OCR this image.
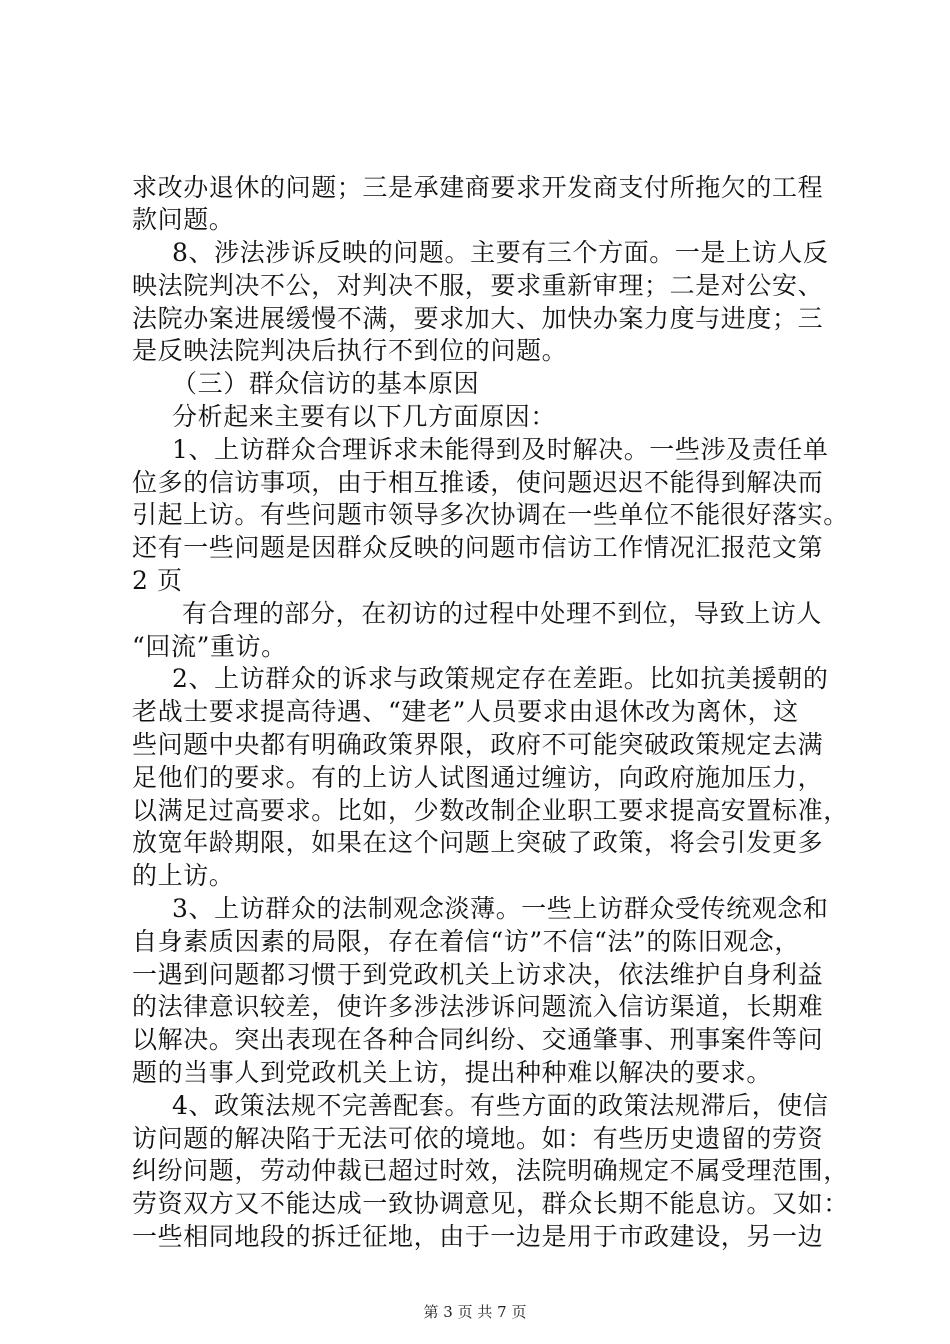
求改办退休的问题；三是承建商要求开发商支付所拖欠的工程
款问题。
8、涉法涉诉反映的问题。主要有三个方面。一是上访人反
映法院判决不公，对判决不服，要求重新审理；二是对公安、
法院办案进展缓慢不满，要求加大、加快办案力度与进度；三
是反映法院判决后执行不到位的问题。
（三）群众信访的基本原因
分析起来主要有以下几方面原因：
1、上访群众合理诉求未能得到及时解决。一些涉及责任单
位多的信访事项，由于相互推诿，使问题迟迟不能得到解决而
引起上访。有些问题市领导多次协调在一些单位不能很好落实。
还有一些问题是因群众反映的问题市信访工作情况汇报范文第
2 页
有合理的部分，在初访的过程中处理不到位，导致上访人
“回流”重访。
2、上访群众的诉求与政策规定存在差距。比如抗美援朝的
老战士要求提高待遇、“建老”人员要求由退休改为离休，这
些问题中央都有明确政策界限，政府不可能突破政策规定去满
足他们的要求。有的上访人试图通过缠访，向政府施加压力，
以满足过高要求。比如，少数改制企业职工要求提高安置标准，
放宽年龄期限，如果在这个问题上突破了政策，将会引发更多
的上访。
3、上访群众的法制观念淡薄。一些上访群众受传统观念和
自身素质因素的局限，存在着信“访”不信“法”的陈旧观念，
一遇到问题都习惯于到党政机关上访求决，依法维护自身利益
的法律意识较差，使许多涉法涉诉问题流入信访渠道，长期难
以解决。突出表现在各种合同纠纷、交通肇事、刑事案件等问
题的当事人到党政机关上访，提出种种难以解决的要求。
4、政策法规不完善配套。有些方面的政策法规滞后，使信
访问题的解决陷于无法可依的境地。如：有些历史遗留的劳资
纠纷问题，劳动仲裁已超过时效，法院明确规定不属受理范围，
劳资双方又不能达成一致协调意见，群众长期不能息访。又如：
一些相同地段的拆迁征地，由于一边是用于市政建设，另一边
第 3 页 共 7 页
